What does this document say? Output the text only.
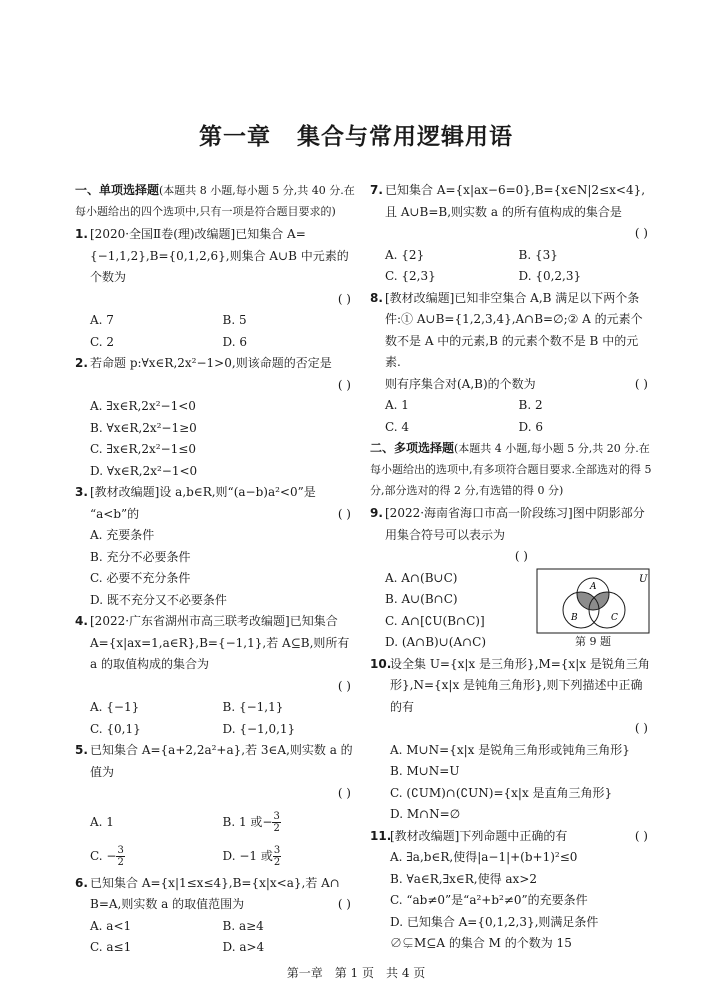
第一章 集合与常用逻辑用语
一、单项选择题(本题共 8 小题,每小题 5 分,共 40 分.在每小题给出的四个选项中,只有一项是符合题目要求的)
1. [2020·全国Ⅱ卷(理)改编题]已知集合 A={−1,1,2},B={0,1,2,6},则集合 A∪B 中元素的个数为
( )
A. 7	B. 5
C. 2	D. 6
2. 若命题 p:∀x∈R,2x²−1>0,则该命题的否定是
( )
A. ∃x∈R,2x²−1<0
B. ∀x∈R,2x²−1≥0
C. ∃x∈R,2x²−1≤0
D. ∀x∈R,2x²−1<0
3. [教材改编题]设 a,b∈R,则“(a−b)a²<0”是
“a<b”的	( )
A. 充要条件
B. 充分不必要条件
C. 必要不充分条件
D. 既不充分又不必要条件
4. [2022·广东省湖州市高三联考改编题]已知集合 A={x|ax=1,a∈R},B={−1,1},若 A⊆B,则所有 a 的取值构成的集合为
( )
A. {−1}	B. {−1,1}
C. {0,1}	D. {−1,0,1}
5. 已知集合 A={a+2,2a²+a},若 3∈A,则实数 a 的值为
( )
A. 1	B. 1 或− $\frac{3}{2}$
C. − $\frac{3}{2}$	D. −1 或 $\frac{3}{2}$
6. 已知集合 A={x|1≤x≤4},B={x|x<a},若 A∩
B=A,则实数 a 的取值范围为	( )
A. a<1	B. a≥4
C. a≤1	D. a>4
7. 已知集合 A={x|ax−6=0},B={x∈N|2≤x<4},且 A∪B=B,则实数 a 的所有值构成的集合是
( )
A. {2}	B. {3}
C. {2,3}	D. {0,2,3}
8. [教材改编题]已知非空集合 A,B 满足以下两个条件:① A∪B={1,2,3,4},A∩B=∅;② A 的元素个数不是 A 中的元素,B 的元素个数不是 B 中的元素.
则有序集合对(A,B)的个数为	( )
A. 1	B. 2
C. 4	D. 6
二、多项选择题(本题共 4 小题,每小题 5 分,共 20 分.在每小题给出的选项中,有多项符合题目要求.全部选对的得 5 分,部分选对的得 2 分,有选错的得 0 分)
9. [2022·海南省海口市高一阶段练习]图中阴影部分用集合符号可以表示为
( )
A. A∩(B∪C)
B. A∪(B∩C)
C. A∩[∁U(B∩C)]
D. (A∩B)∪(A∩C)
U
A
B	C
第 9 题
10.
设全集 U={x|x 是三角形},M={x|x 是锐角三角形},N={x|x 是钝角三角形},则下列描述中正确的有
( )
A. M∪N={x|x 是锐角三角形或钝角三角形}
B. M∪N=U
C. (∁UM)∩(∁UN)={x|x 是直角三角形}
D. M∩N=∅
11.
[教材改编题]下列命题中正确的有	( )
A. ∃a,b∈R,使得|a−1|+(b+1)²≤0
B. ∀a∈R,∃x∈R,使得 ax>2
C. “ab≠0”是“a²+b²≠0”的充要条件
D. 已知集合 A={0,1,2,3},则满足条件∅⊊M⊆A 的集合 M 的个数为 15
第一章 第 1 页 共 4 页
